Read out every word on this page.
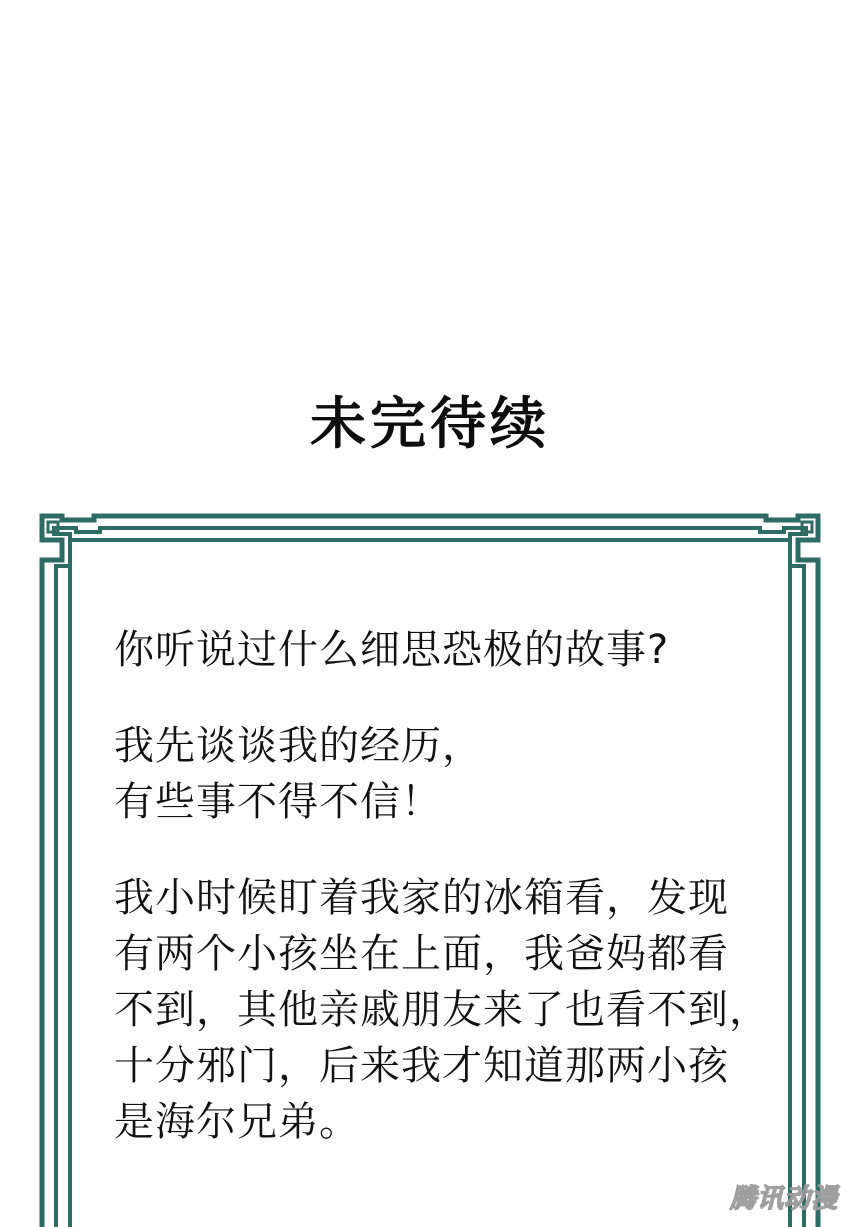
未完待续

你听说过什么细思恐极的故事?

我先谈谈我的经历，

有些事不得不信！

我小时候盯着我家的冰箱看，发现

有两个小孩坐在上面，我爸妈都看

不到，其他亲戚朋友来了也看不到，

十分邪门，后来我才知道那两小孩

是海尔兄弟。

腾讯动漫
